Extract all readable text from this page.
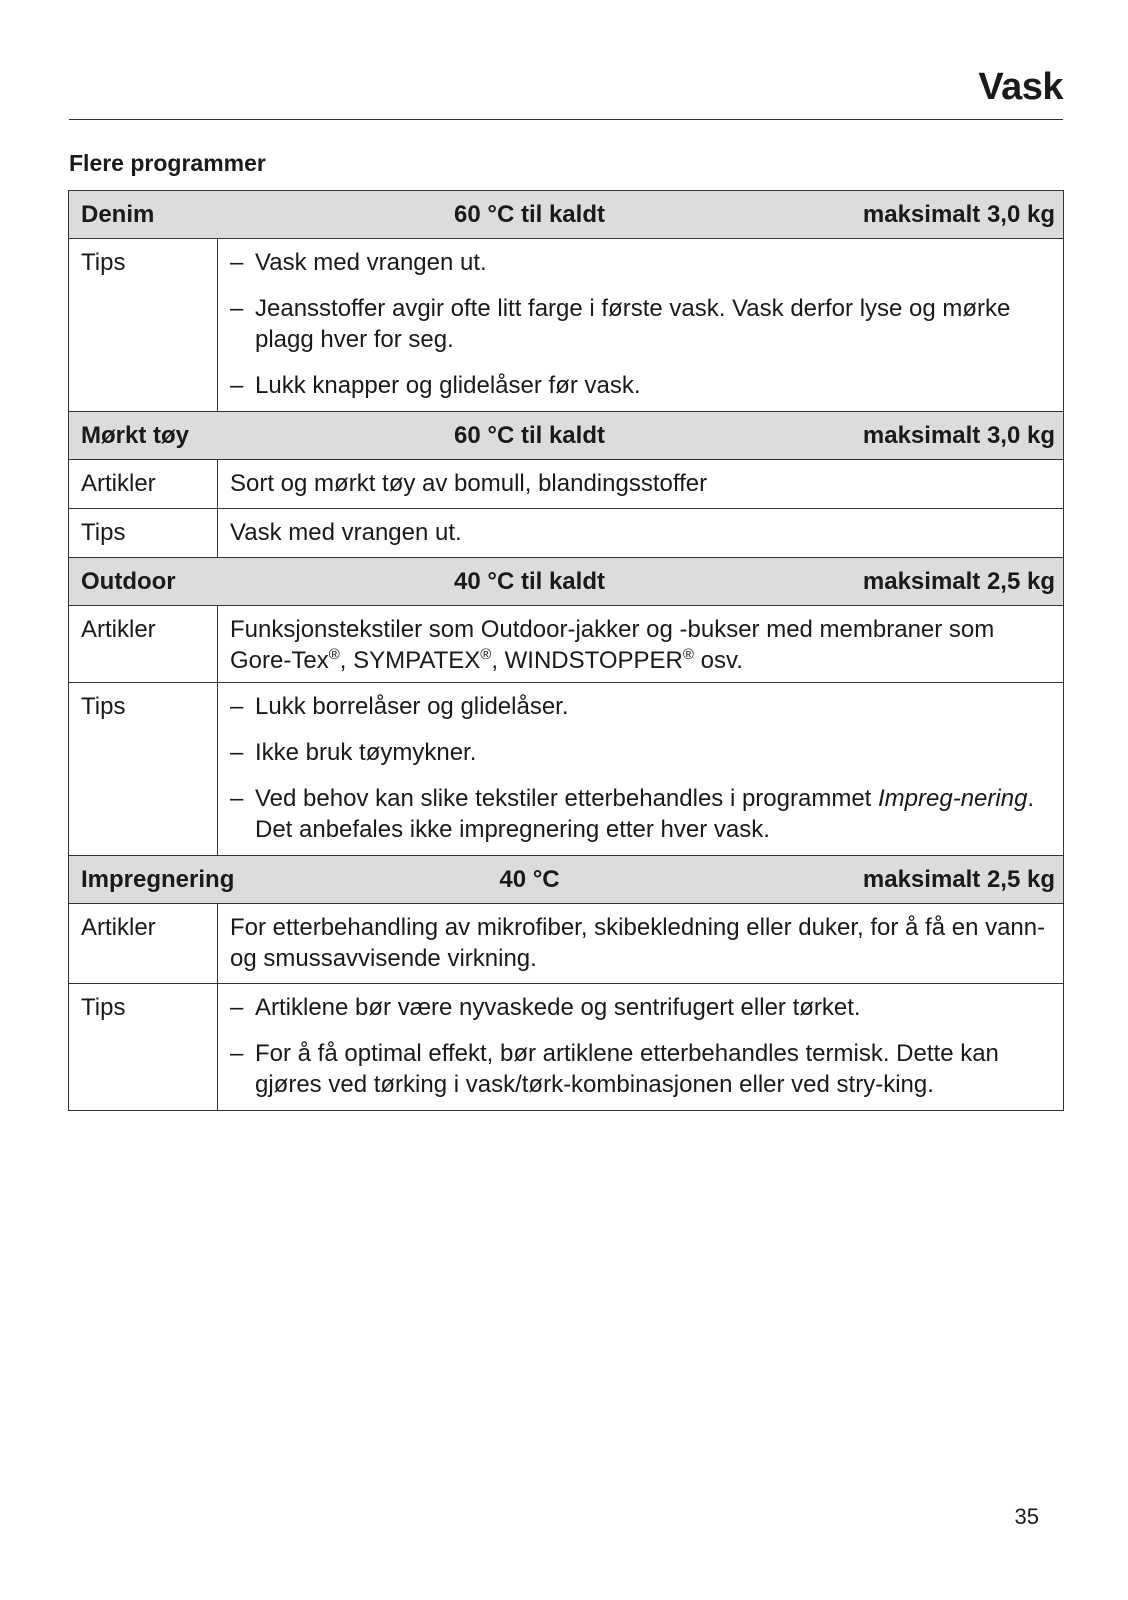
Vask
Flere programmer
Denim	60 °C til kaldt	maksimalt 3,0 kg
Tips	– Vask med vrangen ut.
– Jeansstoffer avgir ofte litt farge i første vask. Vask derfor lyse og mørke plagg hver for seg.
– Lukk knapper og glidelåser før vask.
Mørkt tøy	60 °C til kaldt	maksimalt 3,0 kg
Artikler	Sort og mørkt tøy av bomull, blandingsstoffer
Tips	Vask med vrangen ut.
Outdoor	40 °C til kaldt	maksimalt 2,5 kg
Artikler	Funksjonstekstiler som Outdoor-jakker og -bukser med membraner som Gore-Tex®, SYMPATEX®, WINDSTOPPER® osv.
Tips	– Lukk borrelåser og glidelåser.
– Ikke bruk tøymykner.
– Ved behov kan slike tekstiler etterbehandles i programmet Impreg-nering. Det anbefales ikke impregnering etter hver vask.
Impregnering	40 °C	maksimalt 2,5 kg
Artikler	For etterbehandling av mikrofiber, skibekledning eller duker, for å få en vann- og smussavvisende virkning.
Tips	– Artiklene bør være nyvaskede og sentrifugert eller tørket.
– For å få optimal effekt, bør artiklene etterbehandles termisk. Dette kan gjøres ved tørking i vask/tørk-kombinasjonen eller ved stry-king.
35
